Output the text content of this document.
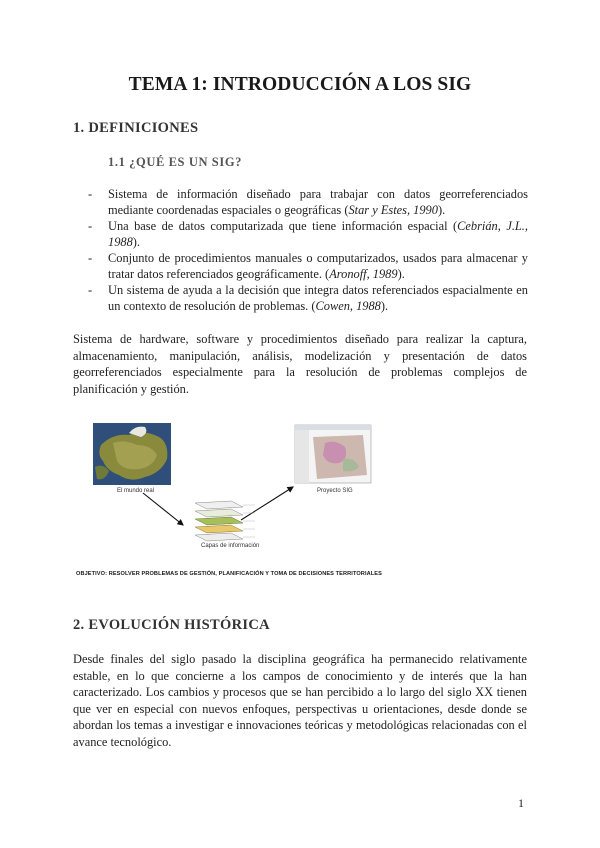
TEMA 1: INTRODUCCIÓN A LOS SIG
1. DEFINICIONES
1.1 ¿QUÉ ES UN SIG?
- Sistema de información diseñado para trabajar con datos georreferenciados mediante coordenadas espaciales o geográficas (Star y Estes, 1990).
- Una base de datos computarizada que tiene información espacial (Cebrián, J.L., 1988).
- Conjunto de procedimientos manuales o computarizados, usados para almacenar y tratar datos referenciados geográficamente. (Aronoff, 1989).
- Un sistema de ayuda a la decisión que integra datos referenciados espacialmente en un contexto de resolución de problemas. (Cowen, 1988).
Sistema de hardware, software y procedimientos diseñado para realizar la captura, almacenamiento, manipulación, análisis, modelización y presentación de datos georreferenciados especialmente para la resolución de problemas complejos de planificación y gestión.
El mundo real	Proyecto SIG
Capas de información
OBJETIVO: RESOLVER PROBLEMAS DE GESTIÓN, PLANIFICACIÓN Y TOMA DE DECISIONES TERRITORIALES
2. EVOLUCIÓN HISTÓRICA
Desde finales del siglo pasado la disciplina geográfica ha permanecido relativamente estable, en lo que concierne a los campos de conocimiento y de interés que la han caracterizado. Los cambios y procesos que se han percibido a lo largo del siglo XX tienen que ver en especial con nuevos enfoques, perspectivas u orientaciones, desde donde se abordan los temas a investigar e innovaciones teóricas y metodológicas relacionadas con el avance tecnológico.
1
